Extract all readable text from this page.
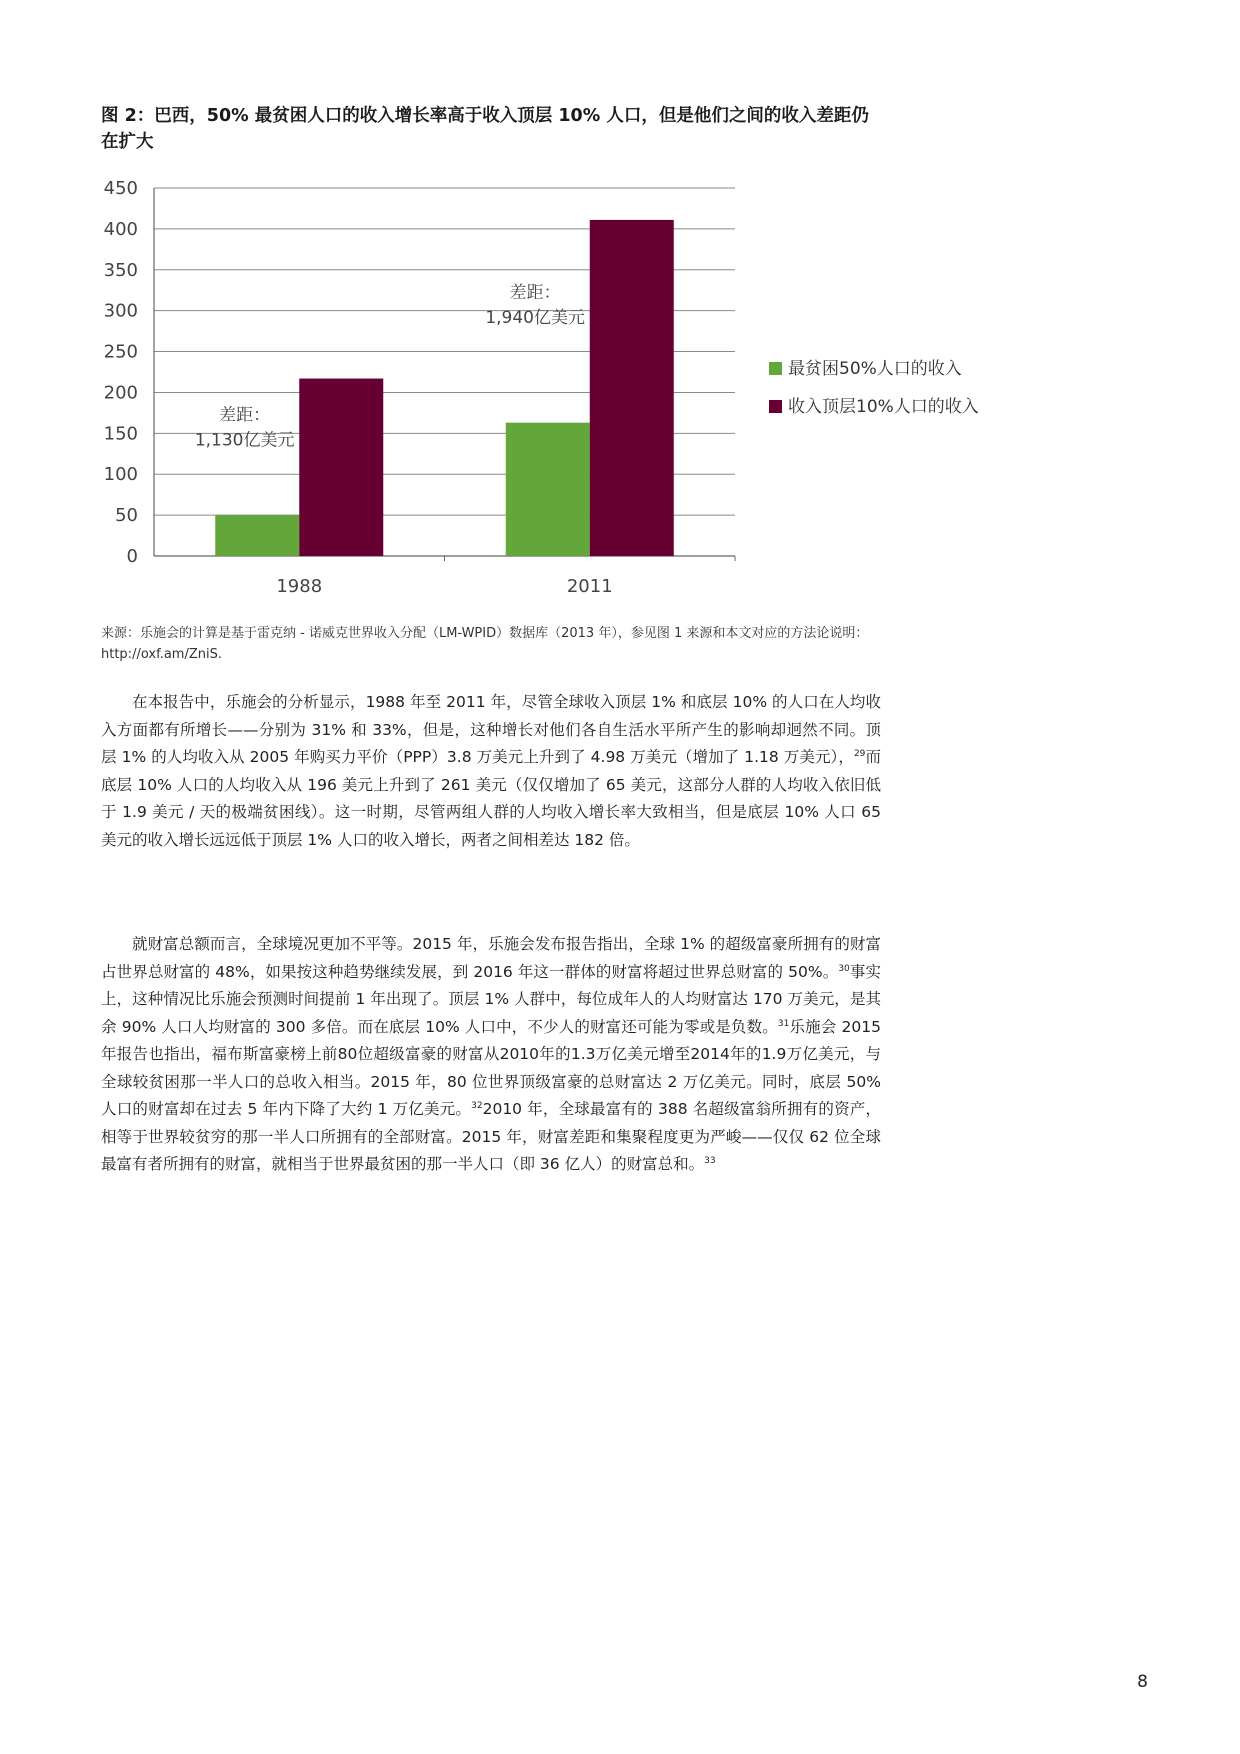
图 2：巴西，50% 最贫困人口的收入增长率高于收入顶层 10% 人口，但是他们之间的收入差距仍在扩大
0
50
100
150
200
250
300
350
400
450
1988	2011
差距：
1,130亿美元
差距：
1,940亿美元
最贫困50%人口的收入
收入顶层10%人口的收入
来源：乐施会的计算是基于雷克纳 - 诺威克世界收入分配（LM-WPID）数据库（2013 年），参见图 1 来源和本文对应的方法论说明：http://oxf.am/ZniS.

在本报告中，乐施会的分析显示，1988 年至 2011 年，尽管全球收入顶层 1% 和底层 10% 的人口在人均收入方面都有所增长——分别为 31% 和 33%，但是，这种增长对他们各自生活水平所产生的影响却迥然不同。顶层 1% 的人均收入从 2005 年购买力平价（PPP）3.8 万美元上升到了 4.98 万美元（增加了 1.18 万美元），$^{29}$而底层 10% 人口的人均收入从 196 美元上升到了 261 美元（仅仅增加了 65 美元，这部分人群的人均收入依旧低于 1.9 美元 / 天的极端贫困线）。这一时期，尽管两组人群的人均收入增长率大致相当，但是底层 10% 人口 65 美元的收入增长远远低于顶层 1% 人口的收入增长，两者之间相差达 182 倍。

就财富总额而言，全球境况更加不平等。2015 年，乐施会发布报告指出，全球 1% 的超级富豪所拥有的财富占世界总财富的 48%，如果按这种趋势继续发展，到 2016 年这一群体的财富将超过世界总财富的 50%。$^{30}$事实上，这种情况比乐施会预测时间提前 1 年出现了。顶层 1% 人群中，每位成年人的人均财富达 170 万美元，是其余 90% 人口人均财富的 300 多倍。而在底层 10% 人口中，不少人的财富还可能为零或是负数。$^{31}$乐施会 2015 年报告也指出，福布斯富豪榜上前80位超级富豪的财富从2010年的1.3万亿美元增至2014年的1.9万亿美元，与全球较贫困那一半人口的总收入相当。2015 年，80 位世界顶级富豪的总财富达 2 万亿美元。同时，底层 50% 人口的财富却在过去 5 年内下降了大约 1 万亿美元。$^{32}$2010 年，全球最富有的 388 名超级富翁所拥有的资产，相等于世界较贫穷的那一半人口所拥有的全部财富。2015 年，财富差距和集聚程度更为严峻——仅仅 62 位全球最富有者所拥有的财富，就相当于世界最贫困的那一半人口（即 36 亿人）的财富总和。$^{33}$

8
